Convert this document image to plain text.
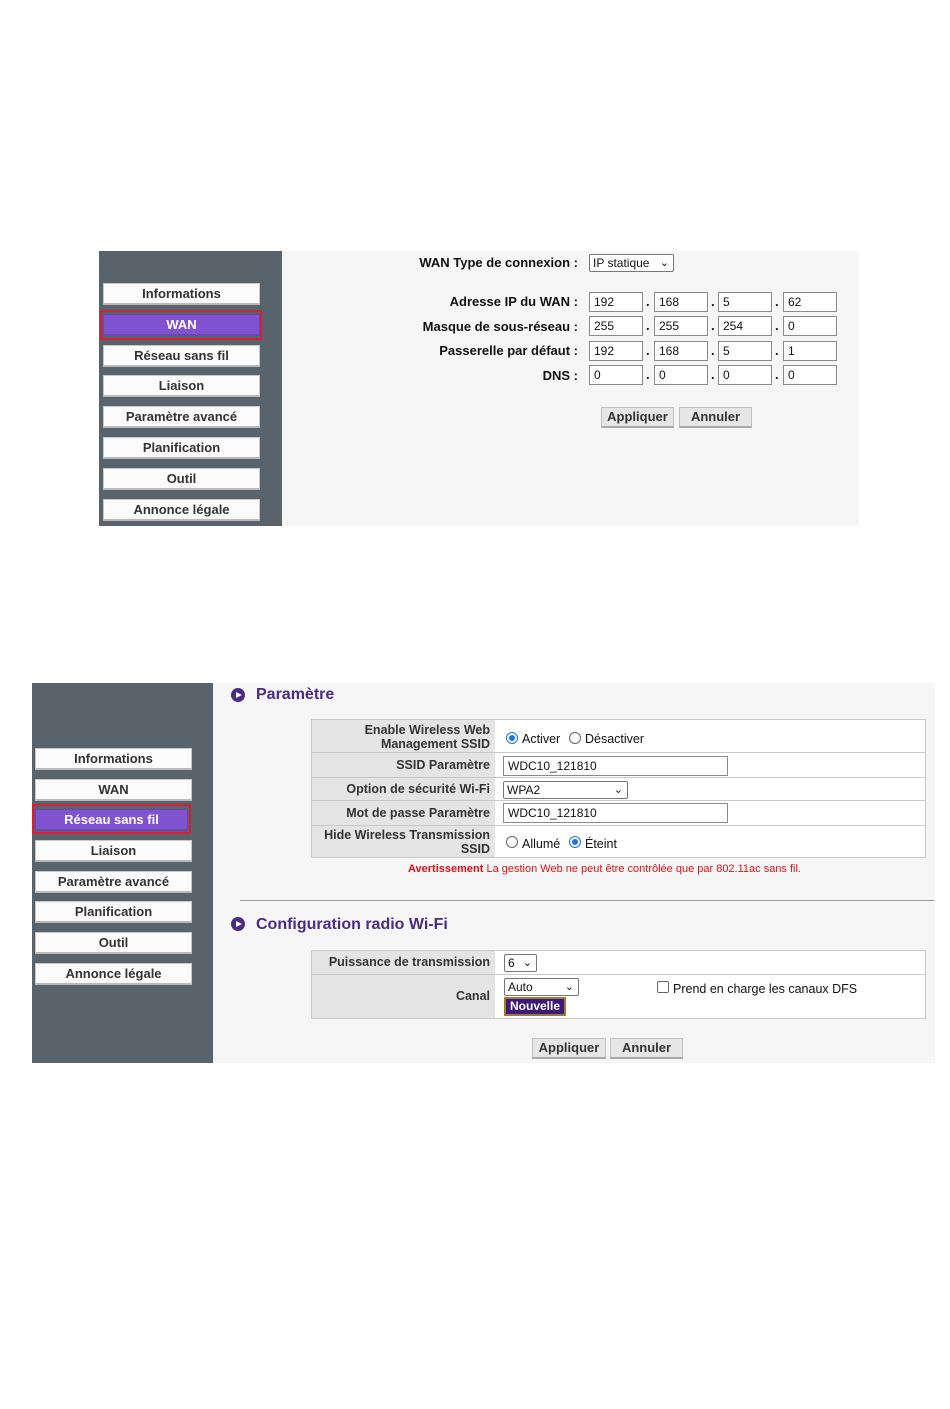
Informations
WAN
Réseau sans fil
Liaison
Paramètre avancé
Planification
Outil
Annonce légale
WAN Type de connexion :	IP statique ⌄
Adresse IP du WAN :	192	. 168	. 5	. 62
Masque de sous-réseau :	255	. 255	. 254	. 0
Passerelle par défaut :	192	. 168	. 5	. 1
DNS :	0	. 0	. 0	. 0
Appliquer	Annuler
Informations
WAN
Réseau sans fil
Liaison
Paramètre avancé
Planification
Outil
Annonce légale
Paramètre
Enable Wireless Web
Management SSID	Activer Désactiver
SSID Paramètre	WDC10_121810
Option de sécurité Wi-Fi	WPA2	⌄
Mot de passe Paramètre	WDC10_121810
Hide Wireless Transmission
SSID	Allumé Éteint
Avertissement La gestion Web ne peut être contrôlée que par 802.11ac sans fil.
Configuration radio Wi-Fi
Puissance de transmission	6 ⌄
Canal
Auto	⌄
Nouvelle
Prend en charge les canaux DFS
Appliquer	Annuler
